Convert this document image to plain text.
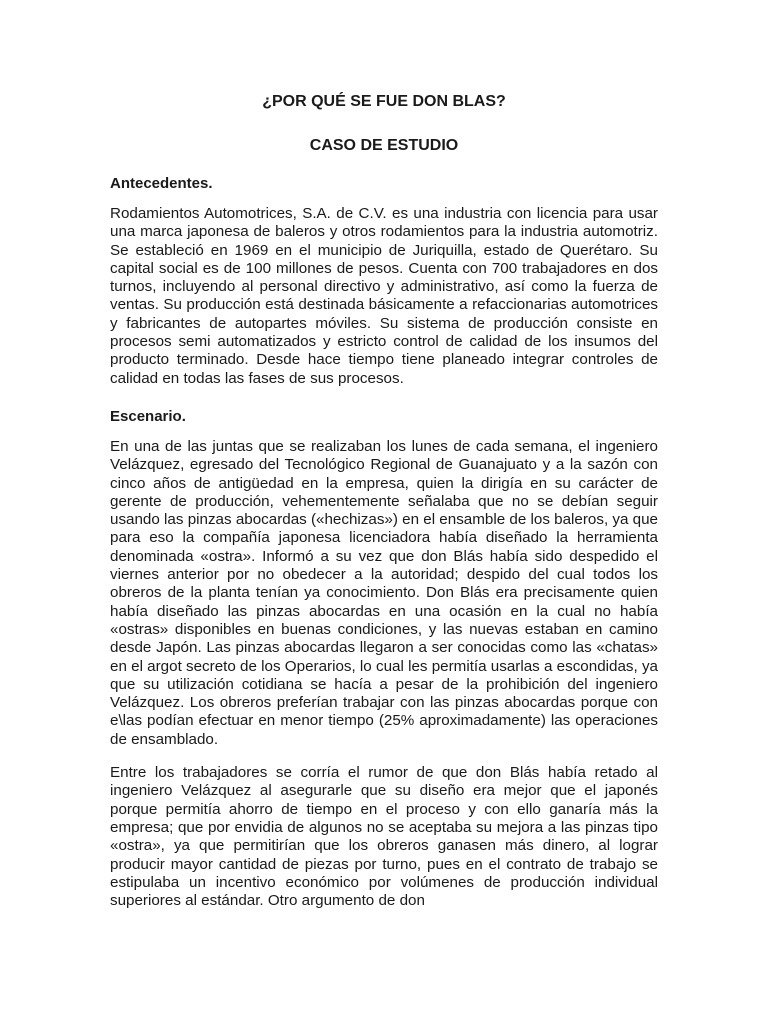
¿POR QUÉ SE FUE DON BLAS?
CASO DE ESTUDIO
Antecedentes.

Rodamientos Automotrices, S.A. de C.V. es una industria con licencia para usar una marca japonesa de baleros y otros rodamientos para la industria automotriz. Se estableció en 1969 en el municipio de Juriquilla, estado de Querétaro. Su capital social es de 100 millones de pesos. Cuenta con 700 trabajadores en dos turnos, incluyendo al personal directivo y administrativo, así como la fuerza de ventas. Su producción está destinada básicamente a refaccionarias automotrices y fabricantes de autopartes móviles. Su sistema de producción consiste en procesos semi automatizados y estricto control de calidad de los insumos del producto terminado. Desde hace tiempo tiene planeado integrar controles de calidad en todas las fases de sus procesos.

Escenario.

En una de las juntas que se realizaban los lunes de cada semana, el ingeniero Velázquez, egresado del Tecnológico Regional de Guanajuato y a la sazón con cinco años de antigüedad en la empresa, quien la dirigía en su carácter de gerente de producción, vehementemente señalaba que no se debían seguir usando las pinzas abocardas («hechizas») en el ensamble de los baleros, ya que para eso la compañía japonesa licenciadora había diseñado la herramienta denominada «ostra». Informó a su vez que don Blás había sido despedido el viernes anterior por no obedecer a la autoridad; despido del cual todos los obreros de la planta tenían ya conocimiento. Don Blás era precisamente quien había diseñado las pinzas abocardas en una ocasión en la cual no había «ostras» disponibles en buenas condiciones, y las nuevas estaban en camino desde Japón. Las pinzas abocardas llegaron a ser conocidas como las «chatas» en el argot secreto de los Operarios, lo cual les permitía usarlas a escondidas, ya que su utilización cotidiana se hacía a pesar de la prohibición del ingeniero Velázquez. Los obreros preferían trabajar con las pinzas abocardas porque con e\las podían efectuar en menor tiempo (25% aproximadamente) las operaciones de ensamblado.

Entre los trabajadores se corría el rumor de que don Blás había retado al ingeniero Velázquez al asegurarle que su diseño era mejor que el japonés porque permitía ahorro de tiempo en el proceso y con ello ganaría más la empresa; que por envidia de algunos no se aceptaba su mejora a las pinzas tipo «ostra», ya que permitirían que los obreros ganasen más dinero, al lograr producir mayor cantidad de piezas por turno, pues en el contrato de trabajo se estipulaba un incentivo económico por volúmenes de producción individual superiores al estándar. Otro argumento de don
